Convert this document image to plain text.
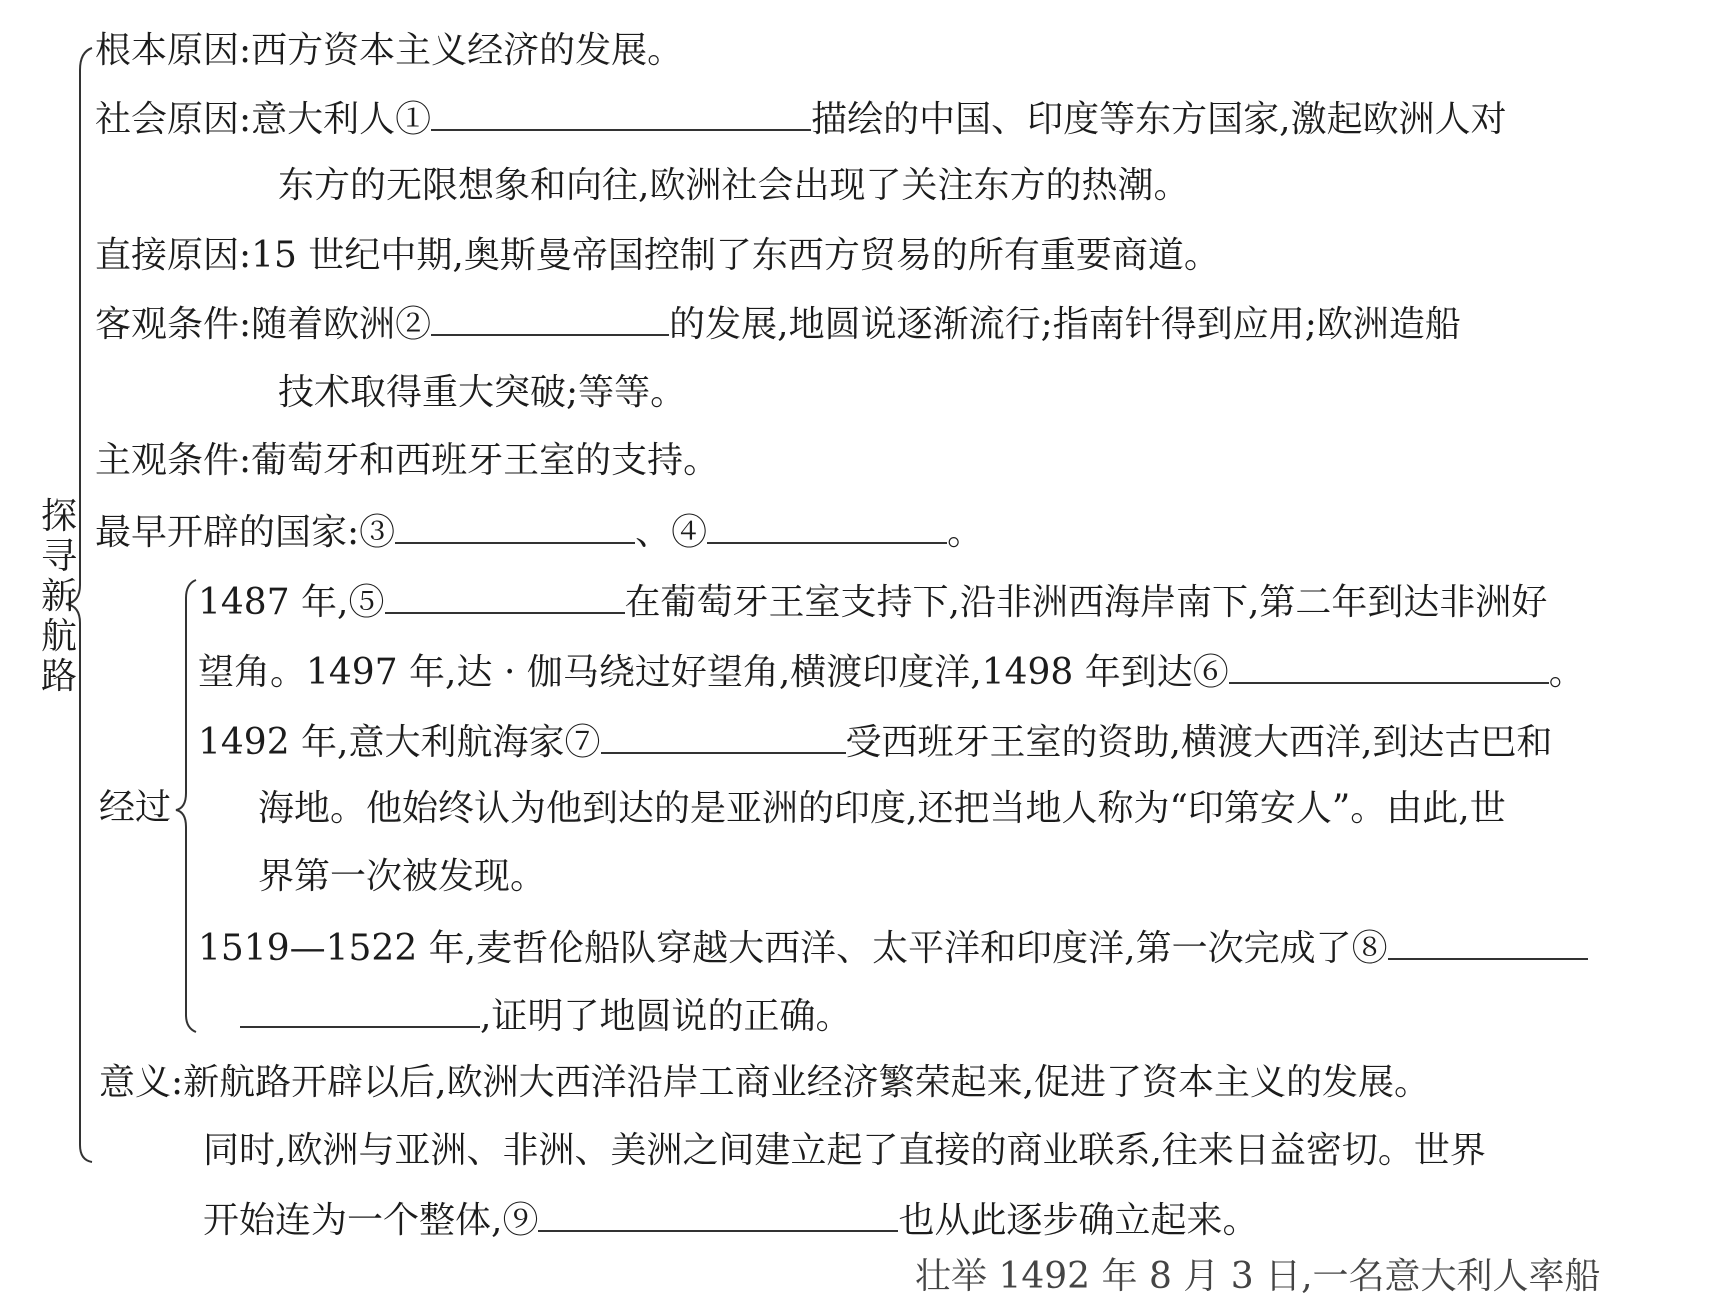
探
寻
新
航
路
根本原因:西方资本主义经济的发展。
社会原因:意大利人①	描绘的中国、印度等东方国家,激起欧洲人对
东方的无限想象和向往,欧洲社会出现了关注东方的热潮。
直接原因:15 世纪中期,奥斯曼帝国控制了东西方贸易的所有重要商道。
客观条件:随着欧洲②	的发展,地圆说逐渐流行;指南针得到应用;欧洲造船
技术取得重大突破;等等。
主观条件:葡萄牙和西班牙王室的支持。
最早开辟的国家:③	、④	。
经过
1487 年,⑤	在葡萄牙王室支持下,沿非洲西海岸南下,第二年到达非洲好
望角。1497 年,达 · 伽马绕过好望角,横渡印度洋,1498 年到达⑥	。
1492 年,意大利航海家⑦	受西班牙王室的资助,横渡大西洋,到达古巴和
海地。他始终认为他到达的是亚洲的印度,还把当地人称为“印第安人”。由此,世
界第一次被发现。
1519—1522 年,麦哲伦船队穿越大西洋、太平洋和印度洋,第一次完成了⑧
,证明了地圆说的正确。
意义:新航路开辟以后,欧洲大西洋沿岸工商业经济繁荣起来,促进了资本主义的发展。
同时,欧洲与亚洲、非洲、美洲之间建立起了直接的商业联系,往来日益密切。世界
开始连为一个整体,⑨	也从此逐步确立起来。
壮举 1492 年 8 月 3 日,一名意大利人率船
